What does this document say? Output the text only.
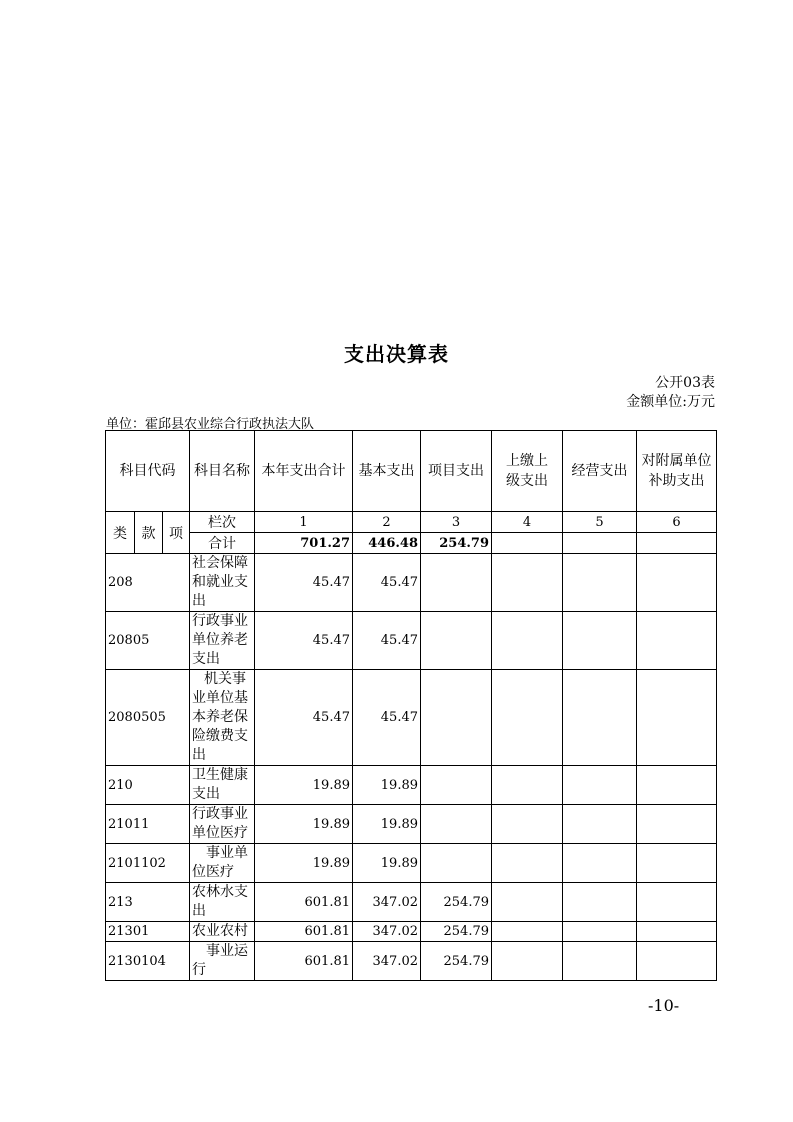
支出决算表
公开03表
金额单位:万元
单位：霍邱县农业综合行政执法大队
科目代码			科目名称	本年支出合计	基本支出	项目支出	上缴上级支出	经营支出	对附属单位补助支出
类	款	项	栏次	1	2	3	4	5	6
			合计	701.27	446.48	254.79			
208			社会保障和就业支出	45.47	45.47				
20805			行政事业单位养老支出	45.47	45.47				
2080505			机关事业单位基本养老保险缴费支出	45.47	45.47				
210			卫生健康支出	19.89	19.89				
21011			行政事业单位医疗	19.89	19.89				
2101102			事业单位医疗	19.89	19.89				
213			农林水支出	601.81	347.02	254.79			
21301			农业农村	601.81	347.02	254.79			
2130104			事业运行	601.81	347.02	254.79			
-10-
